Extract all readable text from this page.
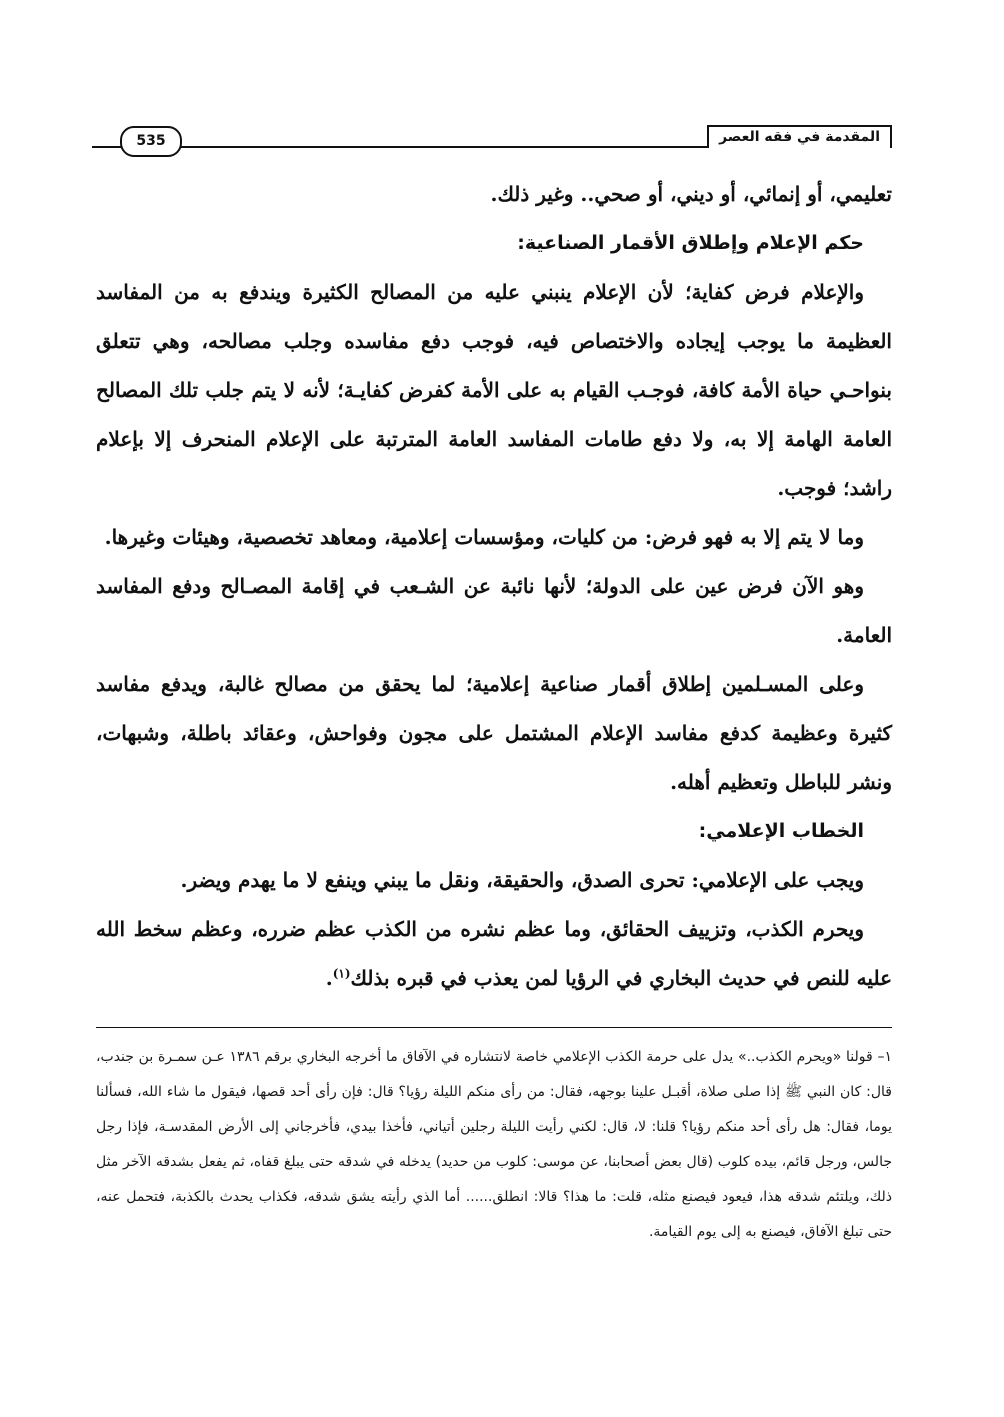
المقدمة في فقه العصر
535

تعليمي، أو إنمائي، أو ديني، أو صحي.. وغير ذلك.

حكم الإعلام وإطلاق الأقمار الصناعية:

والإعلام فرض كفاية؛ لأن الإعلام ينبني عليه من المصالح الكثيرة ويندفع به من المفاسد العظيمة ما يوجب إيجاده والاختصاص فيه، فوجب دفع مفاسده وجلب مصالحه، وهي تتعلق بنواحـي حياة الأمة كافة، فوجـب القيام به على الأمة كفرض كفايـة؛ لأنه لا يتم جلب تلك المصالح العامة الهامة إلا به، ولا دفع طامات المفاسد العامة المترتبة على الإعلام المنحرف إلا بإعلام راشد؛ فوجب.

وما لا يتم إلا به فهو فرض: من كليات، ومؤسسات إعلامية، ومعاهد تخصصية، وهيئات وغيرها.

وهو الآن فرض عين على الدولة؛ لأنها نائبة عن الشـعب في إقامة المصـالح ودفع المفاسد العامة.

وعلى المسـلمين إطلاق أقمار صناعية إعلامية؛ لما يحقق من مصالح غالبة، ويدفع مفاسد كثيرة وعظيمة كدفع مفاسد الإعلام المشتمل على مجون وفواحش، وعقائد باطلة، وشبهات، ونشر للباطل وتعظيم أهله.

الخطاب الإعلامي:

ويجب على الإعلامي: تحرى الصدق، والحقيقة، ونقل ما يبني وينفع لا ما يهدم ويضر.

ويحرم الكذب، وتزييف الحقائق، وما عظم نشره من الكذب عظم ضرره، وعظم سخط الله عليه للنص في حديث البخاري في الرؤيا لمن يعذب في قبره بذلك$^{(١)}$.

١– قولنا «ويحرم الكذب..» يدل على حرمة الكذب الإعلامي خاصة لانتشاره في الآفاق ما أخرجه البخاري برقم ١٣٨٦ عـن سمـرة بن جندب، قال: كان النبي ﷺ إذا صلى صلاة، أقبـل علينا بوجهه، فقال: من رأى منكم الليلة رؤيا؟ قال: فإن رأى أحد قصها، فيقول ما شاء الله، فسألنا يوما، فقال: هل رأى أحد منكم رؤيا؟ قلنا: لا، قال: لكني رأيت الليلة رجلين أتياني، فأخذا بيدي، فأخرجاني إلى الأرض المقدسـة، فإذا رجل جالس، ورجل قائم، بيده كلوب (قال بعض أصحابنا، عن موسى: كلوب من حديد) يدخله في شدقه حتى يبلغ قفاه، ثم يفعل بشدقه الآخر مثل ذلك، ويلتئم شدقه هذا، فيعود فيصنع مثله، قلت: ما هذا؟ قالا: انطلق...... أما الذي رأيته يشق شدقه، فكذاب يحدث بالكذبة، فتحمل عنه، حتى تبلغ الآفاق، فيصنع به إلى يوم القيامة.
